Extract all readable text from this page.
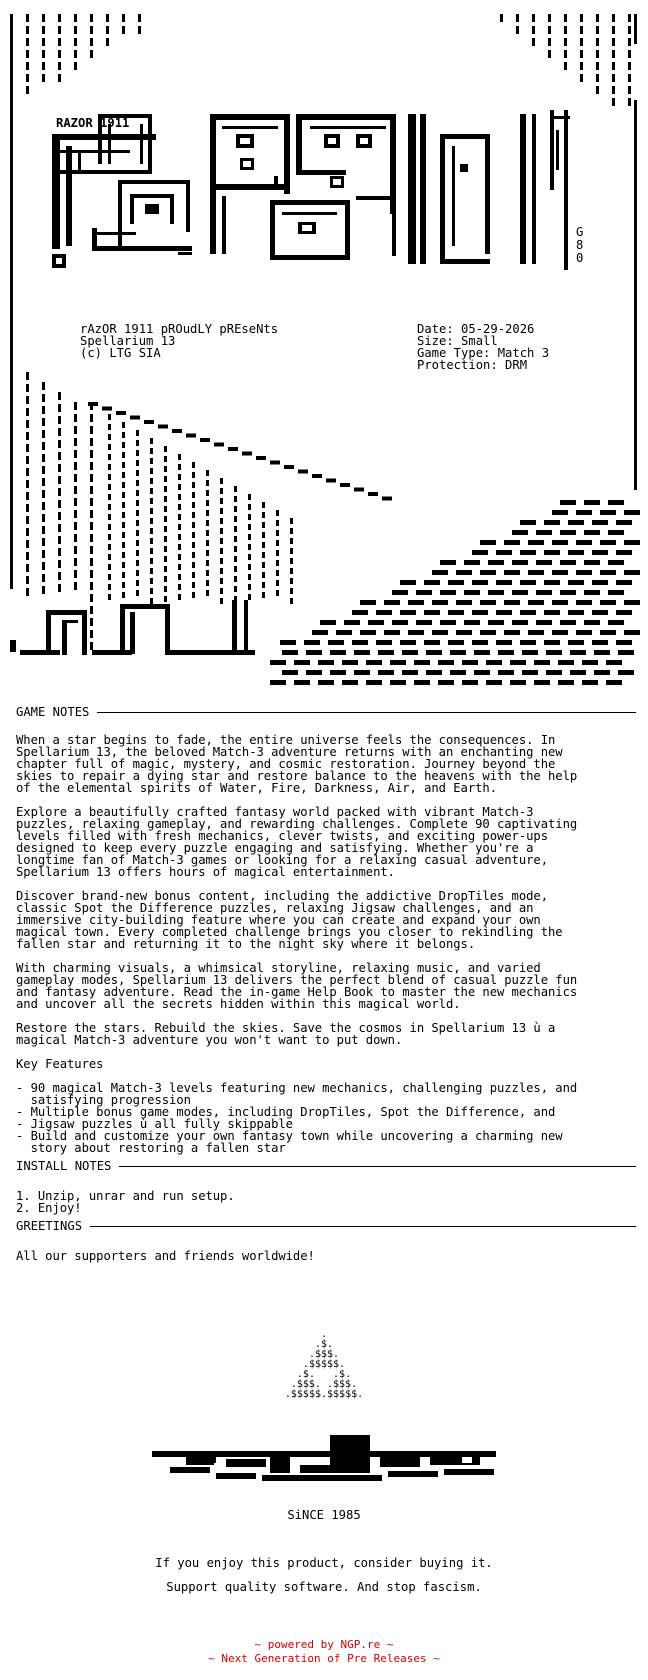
RAZOR 1911
G80
rAzOR 1911 pROudLY pREseNts
Spellarium 13
(c) LTG SIA
Date: 05-29-2026
Size: Small
Game Type: Match 3
Protection: DRM
GAME NOTES
When a star begins to fade, the entire universe feels the consequences. In
Spellarium 13, the beloved Match-3 adventure returns with an enchanting new
chapter full of magic, mystery, and cosmic restoration. Journey beyond the
skies to repair a dying star and restore balance to the heavens with the help
of the elemental spirits of Water, Fire, Darkness, Air, and Earth.
Explore a beautifully crafted fantasy world packed with vibrant Match-3
puzzles, relaxing gameplay, and rewarding challenges. Complete 90 captivating
levels filled with fresh mechanics, clever twists, and exciting power-ups
designed to keep every puzzle engaging and satisfying. Whether you're a
longtime fan of Match-3 games or looking for a relaxing casual adventure,
Spellarium 13 offers hours of magical entertainment.
Discover brand-new bonus content, including the addictive DropTiles mode,
classic Spot the Difference puzzles, relaxing Jigsaw challenges, and an
immersive city-building feature where you can create and expand your own
magical town. Every completed challenge brings you closer to rekindling the
fallen star and returning it to the night sky where it belongs.
With charming visuals, a whimsical storyline, relaxing music, and varied
gameplay modes, Spellarium 13 delivers the perfect blend of casual puzzle fun
and fantasy adventure. Read the in-game Help Book to master the new mechanics
and uncover all the secrets hidden within this magical world.
Restore the stars. Rebuild the skies. Save the cosmos in Spellarium 13 ù a
magical Match-3 adventure you won't want to put down.
Key Features
- 90 magical Match-3 levels featuring new mechanics, challenging puzzles, and
satisfying progression
- Multiple bonus game modes, including DropTiles, Spot the Difference, and
- Jigsaw puzzles ù all fully skippable
- Build and customize your own fantasy town while uncovering a charming new
story about restoring a fallen star
INSTALL NOTES
1. Unzip, unrar and run setup.
2. Enjoy!
GREETINGS
All our supporters and friends worldwide!
.
.$.
.$$$.
.$$$$$.
.$.   .$.
.$$$. .$$$.
.$$$$$.$$$$$.
SiNCE 1985
If you enjoy this product, consider buying it.
Support quality software. And stop fascism.
~ powered by NGP.re ~
~ Next Generation of Pre Releases ~
